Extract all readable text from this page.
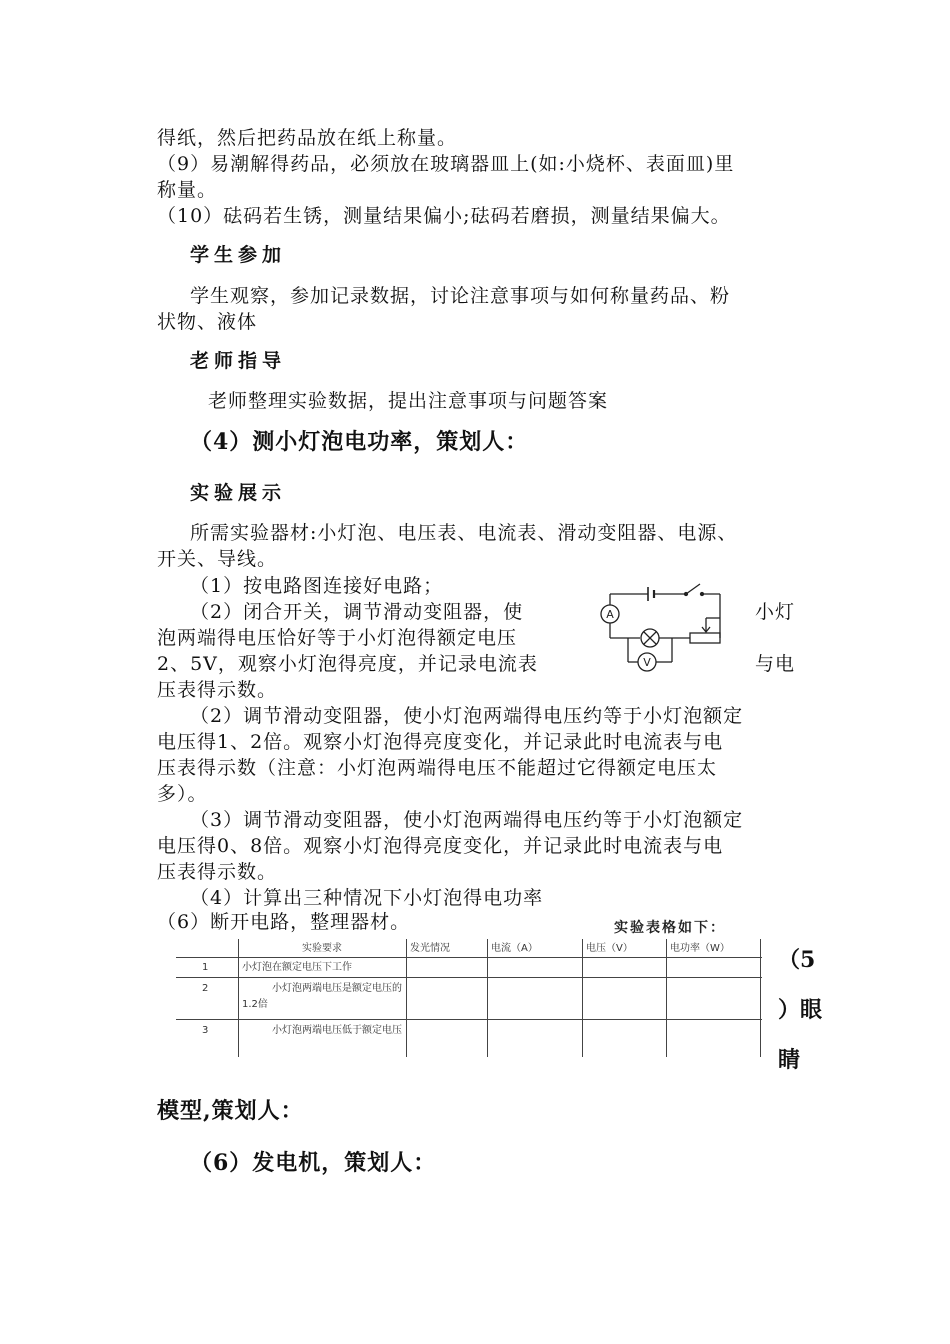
得纸，然后把药品放在纸上称量。
（9）易潮解得药品，必须放在玻璃器皿上(如:小烧杯、表面皿)里
称量。
（10）砝码若生锈，测量结果偏小;砝码若磨损，测量结果偏大。
学生参加
学生观察，参加记录数据，讨论注意事项与如何称量药品、粉
状物、液体
老师指导
老师整理实验数据，提出注意事项与问题答案
（4）测小灯泡电功率，策划人：
实验展示
所需实验器材:小灯泡、电压表、电流表、滑动变阻器、电源、
开关、导线。
（1）按电路图连接好电路；
（2）闭合开关，调节滑动变阻器，使	小灯
泡两端得电压恰好等于小灯泡得额定电压
2、5V，观察小灯泡得亮度，并记录电流表	与电
压表得示数。
A
V
（2）调节滑动变阻器，使小灯泡两端得电压约等于小灯泡额定
电压得1、2倍。观察小灯泡得亮度变化，并记录此时电流表与电
压表得示数（注意：小灯泡两端得电压不能超过它得额定电压太
多）。
（3）调节滑动变阻器，使小灯泡两端得电压约等于小灯泡额定
电压得0、8倍。观察小灯泡得亮度变化，并记录此时电流表与电
压表得示数。
（4）计算出三种情况下小灯泡得电功率
（6）断开电路，整理器材。	实验表格如下：
实验要求	发光情况	电流（A）	电压（V）	电功率（W）
1	小灯泡在额定电压下工作
2	小灯泡两端电压是额定电压的1.2倍
3	小灯泡两端电压低于额定电压
（5
）眼
睛
模型,策划人：
（6）发电机，策划人：
